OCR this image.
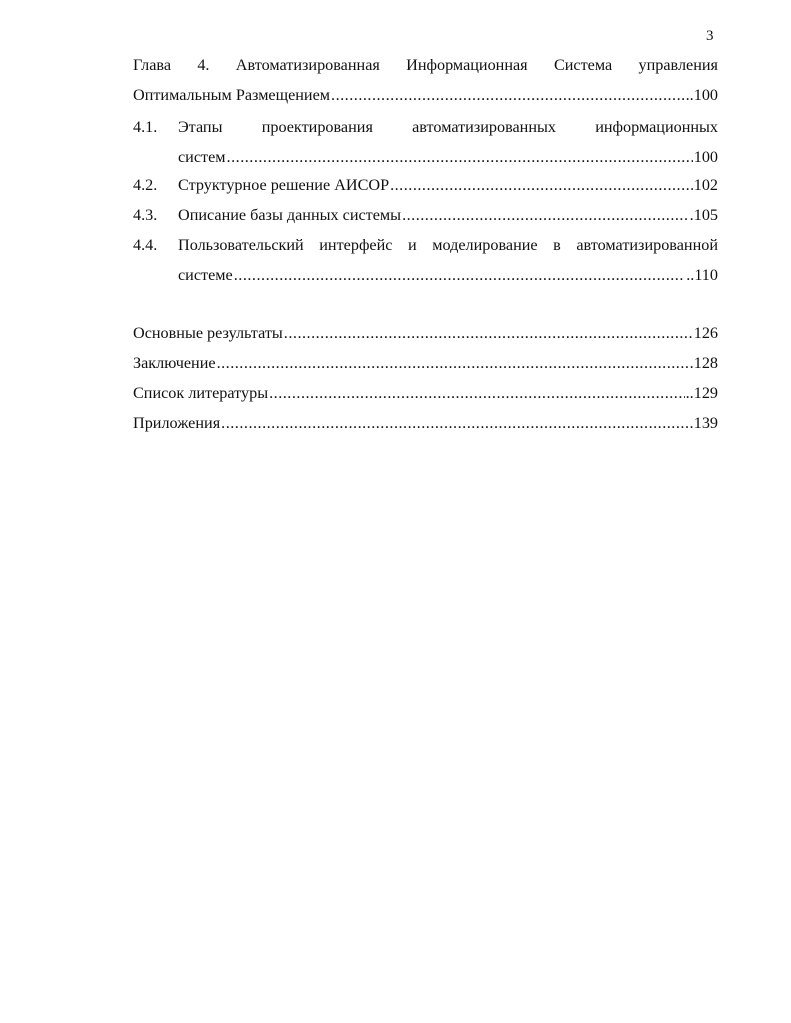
3
Глава 4. Автоматизированная Информационная Система управления
Оптимальным Размещением .....	..100
4.1.	Этапы проектирования автоматизированных информационных
систем .....	100
4.2.	Структурное решение АИСОР .....	102
4.3.	Описание базы данных системы .....	.105
4.4.	Пользовательский интерфейс и моделирование в автоматизированной
системе .....	..110
Основные результаты .....	126
Заключение .....	.128
Список литературы .....	..129
Приложения .....	139
